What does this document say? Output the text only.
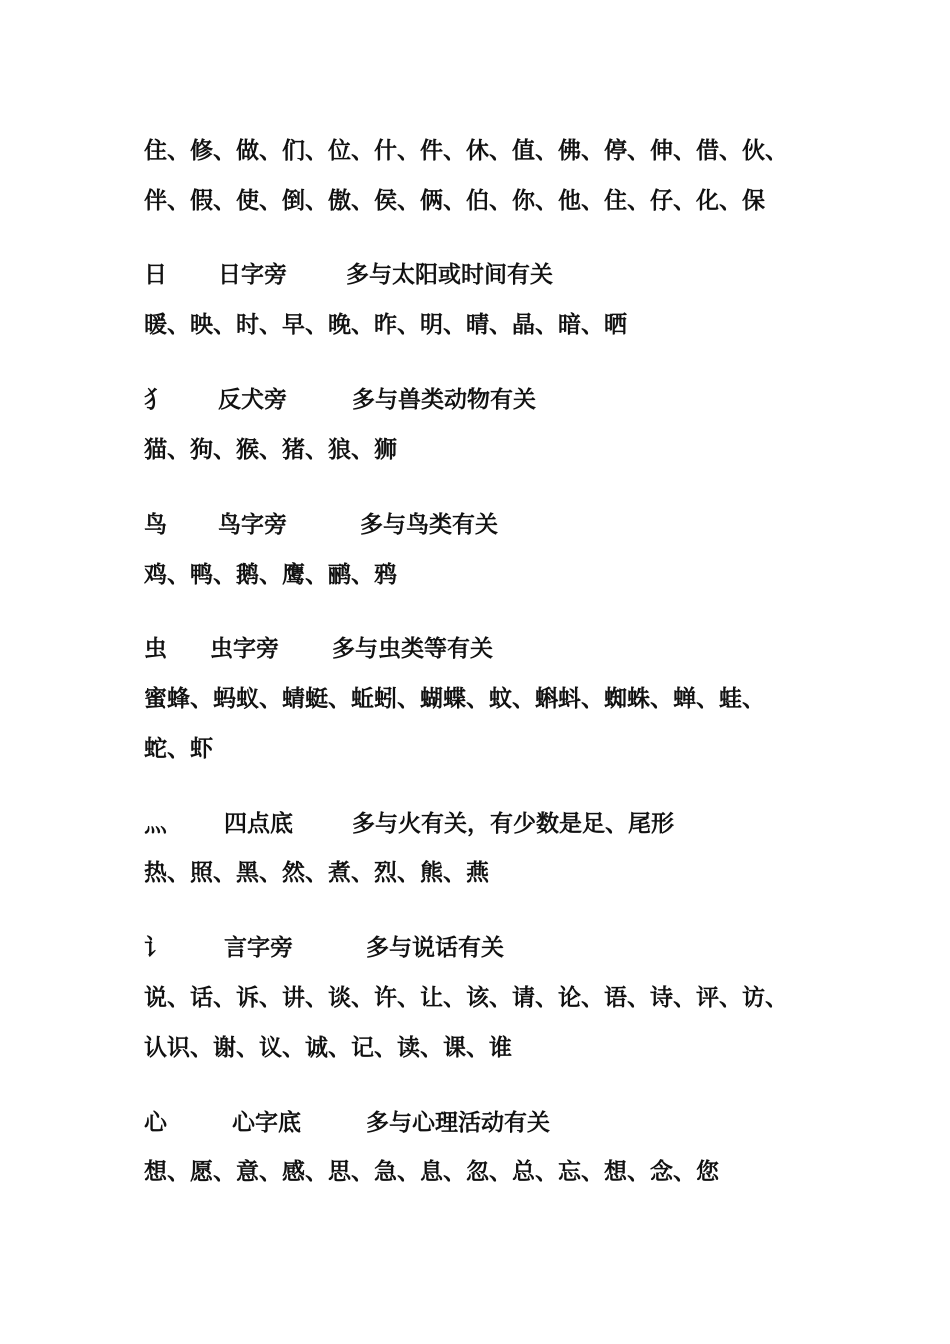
住、修、做、们、位、什、件、休、值、佛、停、伸、借、伙、
伴、假、使、倒、傲、侯、俩、伯、你、他、住、仔、化、保
日 日字旁	多与太阳或时间有关
暖、映、时、早、晚、昨、明、晴、晶、暗、晒
犭 反犬旁	多与兽类动物有关
猫、狗、猴、猪、狼、狮
鸟 鸟字旁	多与鸟类有关
鸡、鸭、鹅、鹰、鹂、鸦
虫 虫字旁 多与虫类等有关
蜜蜂、蚂蚁、蜻蜓、蚯蚓、蝴蝶、蚊、蝌蚪、蜘蛛、蝉、蛙、
蛇、虾
灬 四点底	多与火有关，有少数是足、尾形
热、照、黑、然、煮、烈、熊、燕
讠 言字旁	多与说话有关
说、话、诉、讲、谈、许、让、该、请、论、语、诗、评、访、
认识、谢、议、诚、记、读、课、谁
心	心字底	多与心理活动有关
想、愿、意、感、思、急、息、忽、总、忘、想、念、您
